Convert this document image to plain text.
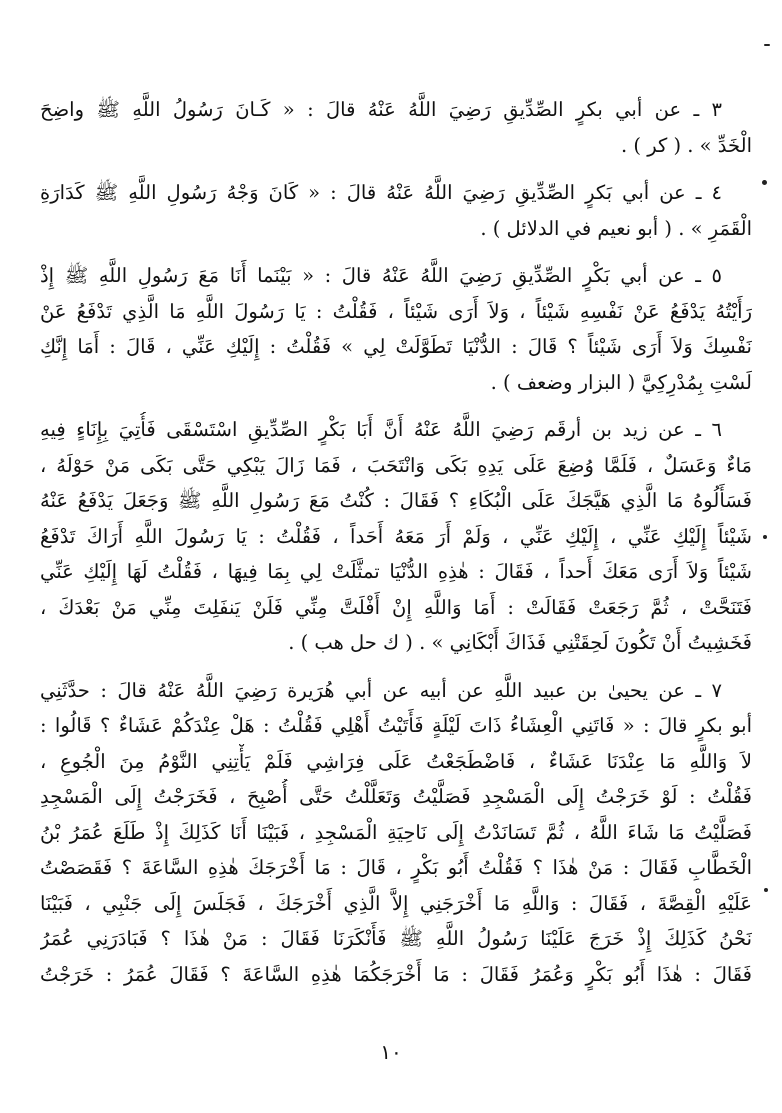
٣ ـ عن أبي بكرٍ الصِّدِّيقِ رَضِيَ اللَّهُ عَنْهُ قالَ : « كَـانَ رَسُولُ اللَّهِ ﷺ واضِحَ
الْخَدِّ » . ( كر ) .
٤ ـ عن أبي بَكرٍ الصِّدِّيقِ رَضِيَ اللَّهُ عَنْهُ قالَ : « كَانَ وَجْهُ رَسُولِ اللَّهِ ﷺ كَدَارَةِ
الْقَمَرِ » . ( أبو نعيم في الدلائل ) .
٥ ـ عن أبي بَكْرٍ الصِّدِّيقِ رَضِيَ اللَّهُ عَنْهُ قالَ : « بَيْنَما أَنَا مَعَ رَسُولِ اللَّهِ ﷺ إِذْ
رَأَيْتُهُ يَدْفَعُ عَنْ نَفْسِهِ شَيْئاً ، وَلاَ أَرَى شَيْئاً ، فَقُلْتُ : يَا رَسُولَ اللَّهِ مَا الَّذِي تَدْفَعُ عَنْ
نَفْسِكَ وَلاَ أَرَى شَيْئاً ؟ قَالَ : الدُّنْيَا تَطَوَّلَتْ لِي » فَقُلْتُ : إِلَيْكِ عَنِّي ، قَالَ : أَمَا إِنَّكِ
لَسْتِ بِمُدْرِكِيَّ ( البزار وضعف ) .
٦ ـ عن زيد بن أرقَم رَضِيَ اللَّهُ عَنْهُ أَنَّ أَبَا بَكْرٍ الصِّدِّيقِ اسْتَسْقَى فَأُتِيَ بِإِنَاءٍ فِيهِ
مَاءٌ وَعَسَلٌ ، فَلَمَّا وُضِعَ عَلَى يَدِهِ بَكَى وَانْتَحَبَ ، فَمَا زَالَ يَبْكِي حَتَّى بَكَى مَنْ حَوْلَهُ ،
فَسَأَلُوهُ مَا الَّذِي هَيَّجَكَ عَلَى الْبُكَاءِ ؟ فَقَالَ : كُنْتُ مَعَ رَسُولِ اللَّهِ ﷺ وَجَعَلَ يَدْفَعُ عَنْهُ
شَيْئاً إِلَيْكِ عَنِّي ، إِلَيْكِ عَنِّي ، وَلَمْ أَرَ مَعَهُ أَحَداً ، فَقُلْتُ : يَا رَسُولَ اللَّهِ أَرَاكَ تَدْفَعُ
شَيْئاً وَلاَ أَرَى مَعَكَ أَحداً ، فَقَالَ : هٰذِهِ الدُّنْيَا تمثَّلَتْ لِي بِمَا فِيهَا ، فَقُلْتُ لَهَا إِلَيْكِ عَنِّي
فَتَنَحَّتْ ، ثُمَّ رَجَعَتْ فَقَالَتْ : أَمَا وَاللَّهِ إِنْ أَفْلَتَّ مِنِّي فَلَنْ يَنفَلِتَ مِنِّي مَنْ بَعْدَكَ ،
فَخَشِيتُ أَنْ تَكُونَ لَحِقَتْنِي فَذَاكَ أَبْكَانِي » . ( ك حل هب ) .
٧ ـ عن يحيىٰ بن عبيد اللَّهِ عن أبيه عن أبي هُرَيرة رَضِيَ اللَّهُ عَنْهُ قالَ : حدَّثَنِي
أبو بكرٍ قالَ : « فَاتَنِي الْعِشَاءُ ذَاتَ لَيْلَةٍ فَأَتَيْتُ أَهْلِي فَقُلْتُ : هَلْ عِنْدَكُمْ عَشَاءٌ ؟ قَالُوا :
لاَ وَاللَّهِ مَا عِنْدَنَا عَشَاءٌ ، فَاضْطَجَعْتُ عَلَى فِرَاشِي فَلَمْ يَأْتِنِي النَّوْمُ مِنَ الْجُوعِ ،
فَقُلْتُ : لَوْ خَرَجْتُ إِلَى الْمَسْجِدِ فَصَلَّيْتُ وَتَعَلَّلْتُ حَتَّى أُصْبِحَ ، فَخَرَجْتُ إِلَى الْمَسْجِدِ
فَصَلَّيْتُ مَا شَاءَ اللَّهُ ، ثُمَّ تَسَانَدْتُ إِلَى نَاحِيَةِ الْمَسْجِدِ ، فَبَيْنَا أَنَا كَذَلِكَ إِذْ طَلَعَ عُمَرُ بْنُ
الْخَطَّابِ فَقَالَ : مَنْ هٰذَا ؟ فَقُلْتُ أَبُو بَكْرٍ ، قَالَ : مَا أَخْرَجَكَ هٰذِهِ السَّاعَةَ ؟ فَقَصَصْتُ
عَلَيْهِ الْقِصَّةَ ، فَقَالَ : وَاللَّهِ مَا أَخْرَجَنِي إِلاَّ الَّذِي أَخْرَجَكَ ، فَجَلَسَ إِلَى جَنْبِي ، فَبَيْنَا
نَحْنُ كَذَلِكَ إِذْ خَرَجَ عَلَيْنَا رَسُولُ اللَّهِ ﷺ فَأَنْكَرَنَا فَقَالَ : مَنْ هٰذَا ؟ فَبَادَرَنِي عُمَرُ
فَقَالَ : هٰذَا أَبُو بَكْرٍ وَعُمَرُ فَقَالَ : مَا أَخْرَجَكُمَا هٰذِهِ السَّاعَةَ ؟ فَقَالَ عُمَرُ : خَرَجْتُ
١٠
